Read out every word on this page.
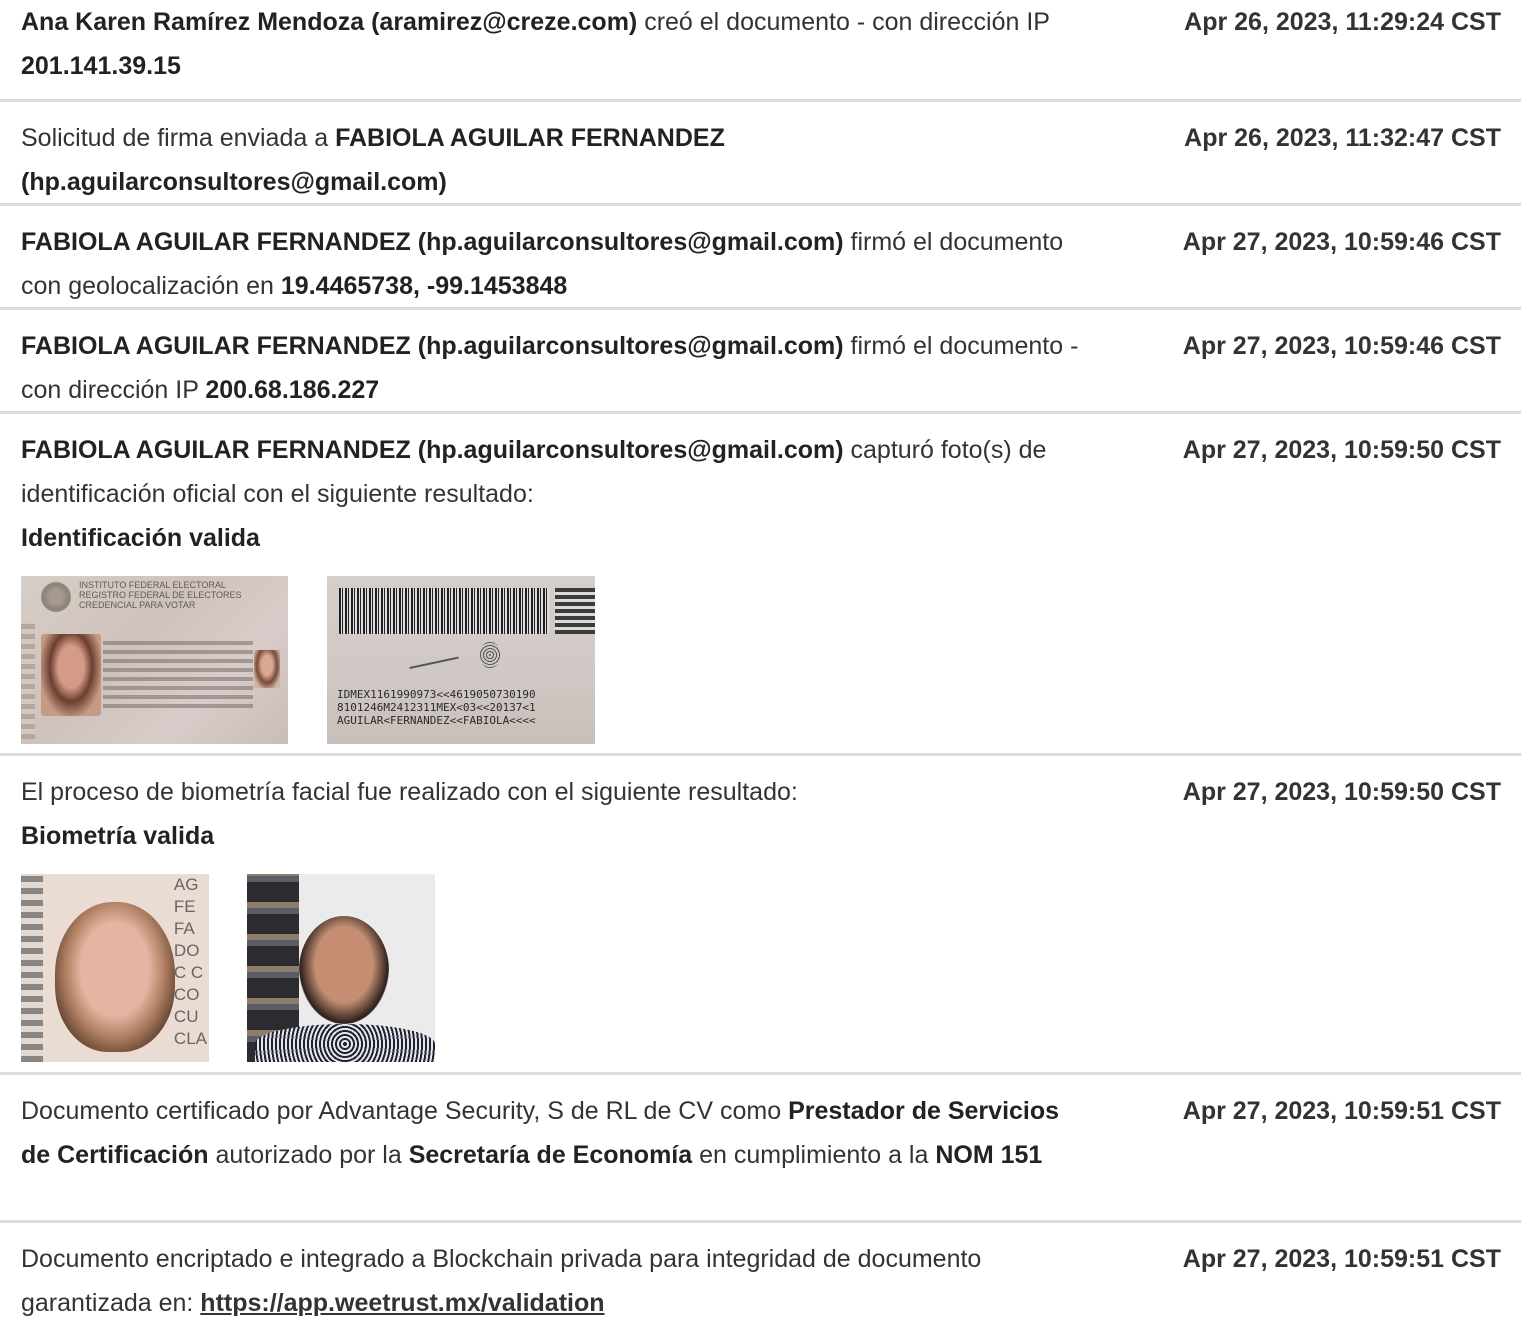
Ana Karen Ramírez Mendoza (aramirez@creze.com) creó el documento - con dirección IP 201.141.39.15
Apr 26, 2023, 11:29:24 CST
Solicitud de firma enviada a FABIOLA AGUILAR FERNANDEZ (hp.aguilarconsultores@gmail.com)
Apr 26, 2023, 11:32:47 CST
FABIOLA AGUILAR FERNANDEZ (hp.aguilarconsultores@gmail.com) firmó el documento con geolocalización en 19.4465738, -99.1453848
Apr 27, 2023, 10:59:46 CST
FABIOLA AGUILAR FERNANDEZ (hp.aguilarconsultores@gmail.com) firmó el documento - con dirección IP 200.68.186.227
Apr 27, 2023, 10:59:46 CST
FABIOLA AGUILAR FERNANDEZ (hp.aguilarconsultores@gmail.com) capturó foto(s) de identificación oficial con el siguiente resultado:
Identificación valida
Apr 27, 2023, 10:59:50 CST
INSTITUTO FEDERAL ELECTORAL
REGISTRO FEDERAL DE ELECTORES
CREDENCIAL PARA VOTAR
IDMEX1161990973<<4619050730190
8101246M2412311MEX<03<<20137<1
AGUILAR<FERNANDEZ<<FABIOLA<<<<
El proceso de biometría facial fue realizado con el siguiente resultado:
Biometría valida
Apr 27, 2023, 10:59:50 CST
AG
FE
FA
DO
C C
CO
CU
CLA
Documento certificado por Advantage Security, S de RL de CV como Prestador de Servicios de Certificación autorizado por la Secretaría de Economía en cumplimiento a la NOM 151
Apr 27, 2023, 10:59:51 CST
Documento encriptado e integrado a Blockchain privada para integridad de documento garantizada en: https://app.weetrust.mx/validation
Apr 27, 2023, 10:59:51 CST
